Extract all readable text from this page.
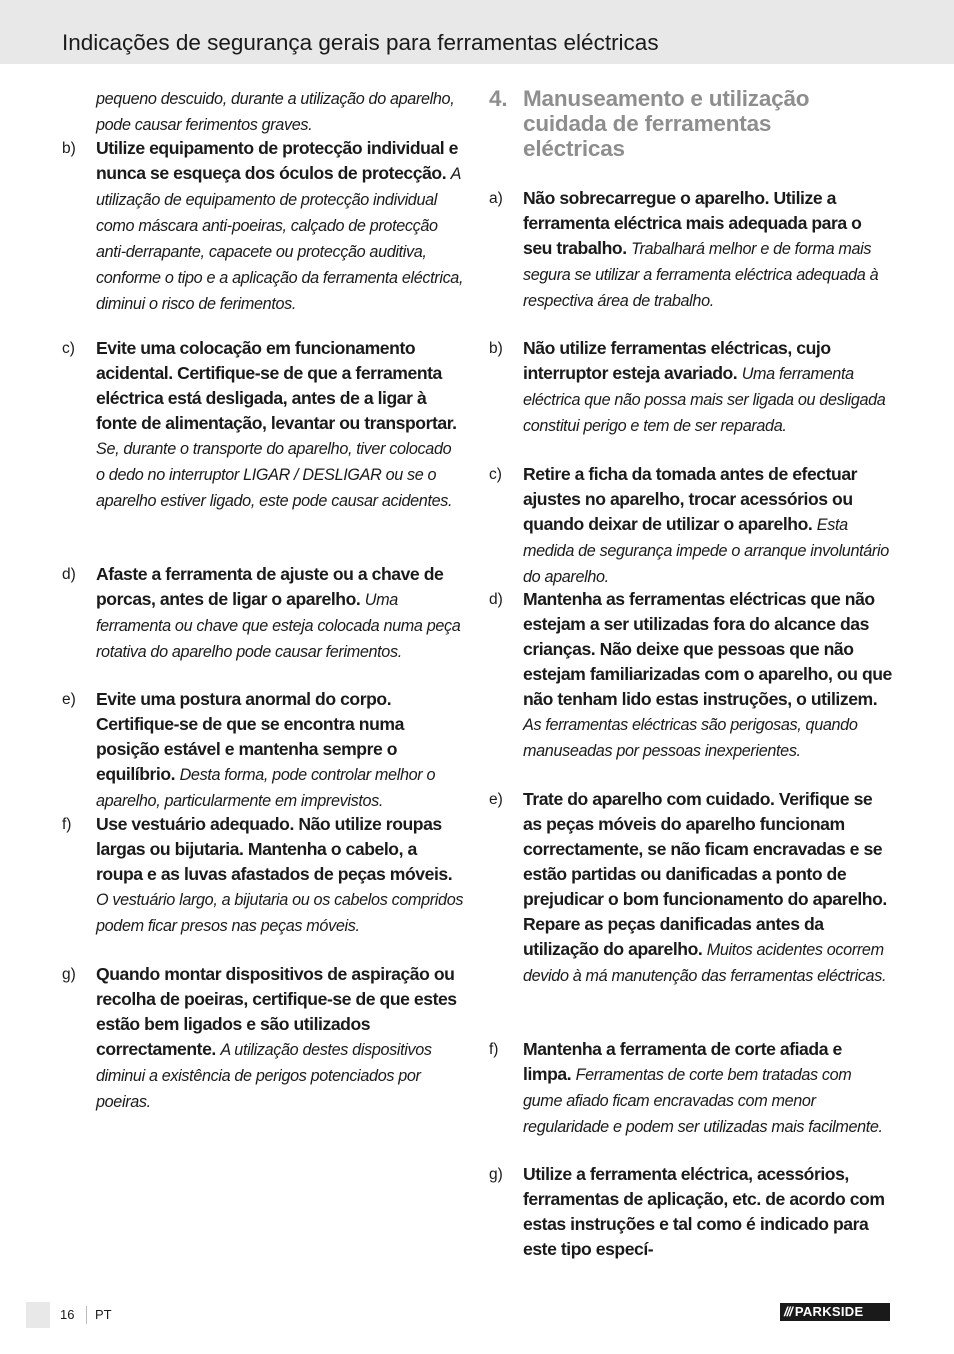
Indicações de segurança gerais para ferramentas eléctricas
pequeno descuido, durante a utilização do aparelho, pode causar ferimentos graves.
b) Utilize equipamento de protecção individual e nunca se esqueça dos óculos de protecção. A utilização de equipamento de protecção individual como máscara anti-poeiras, calçado de protecção anti-derrapante, capacete ou protecção auditiva, conforme o tipo e a aplicação da ferramenta eléctrica, diminui o risco de ferimentos.
c) Evite uma colocação em funcionamento acidental. Certifique-se de que a ferramenta eléctrica está desligada, antes de a ligar à fonte de alimentação, levantar ou transportar. Se, durante o transporte do aparelho, tiver colocado o dedo no interruptor LIGAR / DESLIGAR ou se o aparelho estiver ligado, este pode causar acidentes.
d) Afaste a ferramenta de ajuste ou a chave de porcas, antes de ligar o aparelho. Uma ferramenta ou chave que esteja colocada numa peça rotativa do aparelho pode causar ferimentos.
e) Evite uma postura anormal do corpo. Certifique-se de que se encontra numa posição estável e mantenha sempre o equilíbrio. Desta forma, pode controlar melhor o aparelho, particularmente em imprevistos.
f) Use vestuário adequado. Não utilize roupas largas ou bijutaria. Mantenha o cabelo, a roupa e as luvas afastados de peças móveis. O vestuário largo, a bijutaria ou os cabelos compridos podem ficar presos nas peças móveis.
g) Quando montar dispositivos de aspiração ou recolha de poeiras, certifique-se de que estes estão bem ligados e são utilizados correctamente. A utilização destes dispositivos diminui a existência de perigos potenciados por poeiras.
4. Manuseamento e utilização cuidada de ferramentas eléctricas
a) Não sobrecarregue o aparelho. Utilize a ferramenta eléctrica mais adequada para o seu trabalho. Trabalhará melhor e de forma mais segura se utilizar a ferramenta eléctrica adequada à respectiva área de trabalho.
b) Não utilize ferramentas eléctricas, cujo interruptor esteja avariado. Uma ferramenta eléctrica que não possa mais ser ligada ou desligada constitui perigo e tem de ser reparada.
c) Retire a ficha da tomada antes de efectuar ajustes no aparelho, trocar acessórios ou quando deixar de utilizar o aparelho. Esta medida de segurança impede o arranque involuntário do aparelho.
d) Mantenha as ferramentas eléctricas que não estejam a ser utilizadas fora do alcance das crianças. Não deixe que pessoas que não estejam familiarizadas com o aparelho, ou que não tenham lido estas instruções, o utilizem. As ferramentas eléctricas são perigosas, quando manuseadas por pessoas inexperientes.
e) Trate do aparelho com cuidado. Verifique se as peças móveis do aparelho funcionam correctamente, se não ficam encravadas e se estão partidas ou danificadas a ponto de prejudicar o bom funcionamento do aparelho. Repare as peças danificadas antes da utilização do aparelho. Muitos acidentes ocorrem devido à má manutenção das ferramentas eléctricas.
f) Mantenha a ferramenta de corte afiada e limpa. Ferramentas de corte bem tratadas com gume afiado ficam encravadas com menor regularidade e podem ser utilizadas mais facilmente.
g) Utilize a ferramenta eléctrica, acessórios, ferramentas de aplicação, etc. de acordo com estas instruções e tal como é indicado para este tipo especí-
16 PT	/// PARKSIDE
